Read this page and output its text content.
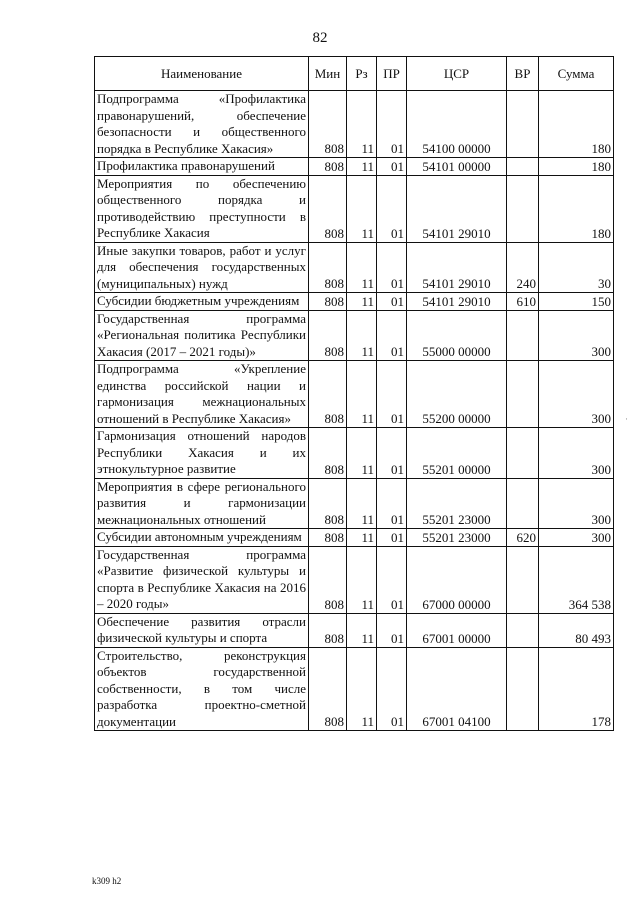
82
Наименование	Мин	Рз	ПР	ЦСР	ВР	Сумма
Подпрограмма «Профилактика правонарушений, обеспечение безопасности и общественного порядка в Республике Хакасия»	808	11	01	54100 00000		180
Профилактика правонарушений	808	11	01	54101 00000		180
Мероприятия по обеспечению общественного порядка и противодействию преступности в Республике Хакасия	808	11	01	54101 29010		180
Иные закупки товаров, работ и услуг для обеспечения государственных (муниципальных) нужд	808	11	01	54101 29010	240	30
Субсидии бюджетным учреждениям	808	11	01	54101 29010	610	150
Государственная программа «Региональная политика Республики Хакасия (2017 – 2021 годы)»	808	11	01	55000 00000		300
Подпрограмма «Укрепление единства российской нации и гармонизация межнациональных отношений в Республике Хакасия»	808	11	01	55200 00000		300
Гармонизация отношений народов Республики Хакасия и их этнокультурное развитие	808	11	01	55201 00000		300
Мероприятия в сфере регионального развития и гармонизации межнациональных отношений	808	11	01	55201 23000		300
Субсидии автономным учреждениям	808	11	01	55201 23000	620	300
Государственная программа «Развитие физической культуры и спорта в Республике Хакасия на 2016 – 2020 годы»	808	11	01	67000 00000		364 538
Обеспечение развития отрасли физической культуры и спорта	808	11	01	67001 00000		80 493
Строительство, реконструкция объектов государственной собственности, в том числе разработка проектно-сметной документации	808	11	01	67001 04100		178
k309 h2
·
